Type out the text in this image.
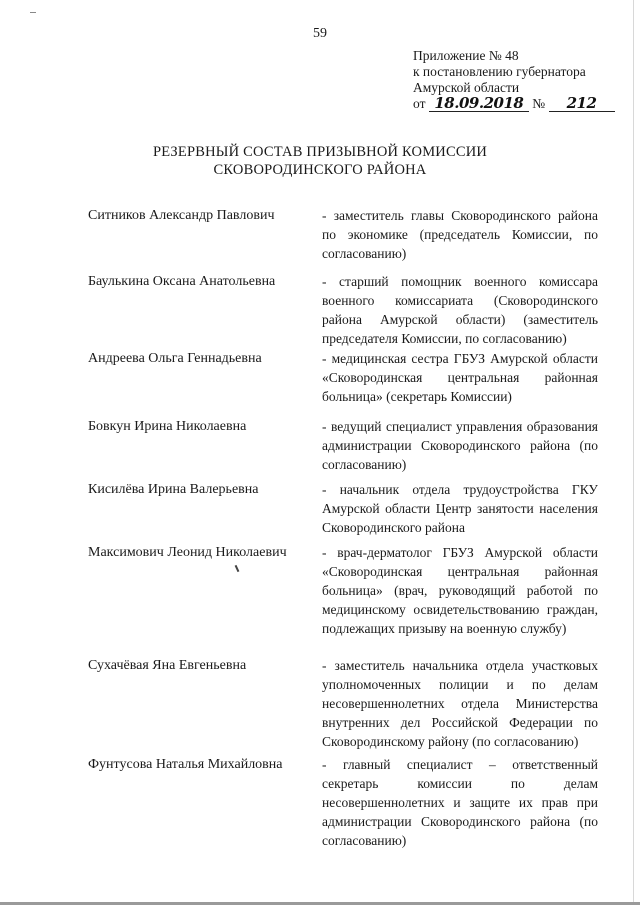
59
Приложение № 48
к постановлению губернатора
Амурской области
от 18.09.2018 № 212
РЕЗЕРВНЫЙ СОСТАВ ПРИЗЫВНОЙ КОМИССИИ
СКОВОРОДИНСКОГО РАЙОНА
Ситников Александр Павлович	- заместитель главы Сковородинского района по экономике (председатель Комиссии, по согласованию)
Баулькина Оксана Анатольевна	- старший помощник военного комиссара военного комиссариата (Сковородинского района Амурской области) (заместитель председателя Комиссии, по согласованию)
Андреева Ольга Геннадьевна	- медицинская сестра ГБУЗ Амурской области «Сковородинская центральная районная больница» (секретарь Комиссии)
Бовкун Ирина Николаевна	- ведущий специалист управления образования администрации Сковородинского района (по согласованию)
Кисилёва Ирина Валерьевна	- начальник отдела трудоустройства ГКУ Амурской области Центр занятости населения Сковородинского района
Максимович Леонид Николаевич	- врач-дерматолог ГБУЗ Амурской области «Сковородинская центральная районная больница» (врач, руководящий работой по медицинскому освидетельствованию граждан, подлежащих призыву на военную службу)
Сухачёвая Яна Евгеньевна	- заместитель начальника отдела участковых уполномоченных полиции и по делам несовершеннолетних отдела Министерства внутренних дел Российской Федерации по Сковородинскому району (по согласованию)
Фунтусова Наталья Михайловна	- главный специалист – ответственный секретарь комиссии по делам несовершеннолетних и защите их прав при администрации Сковородинского района (по согласованию)
